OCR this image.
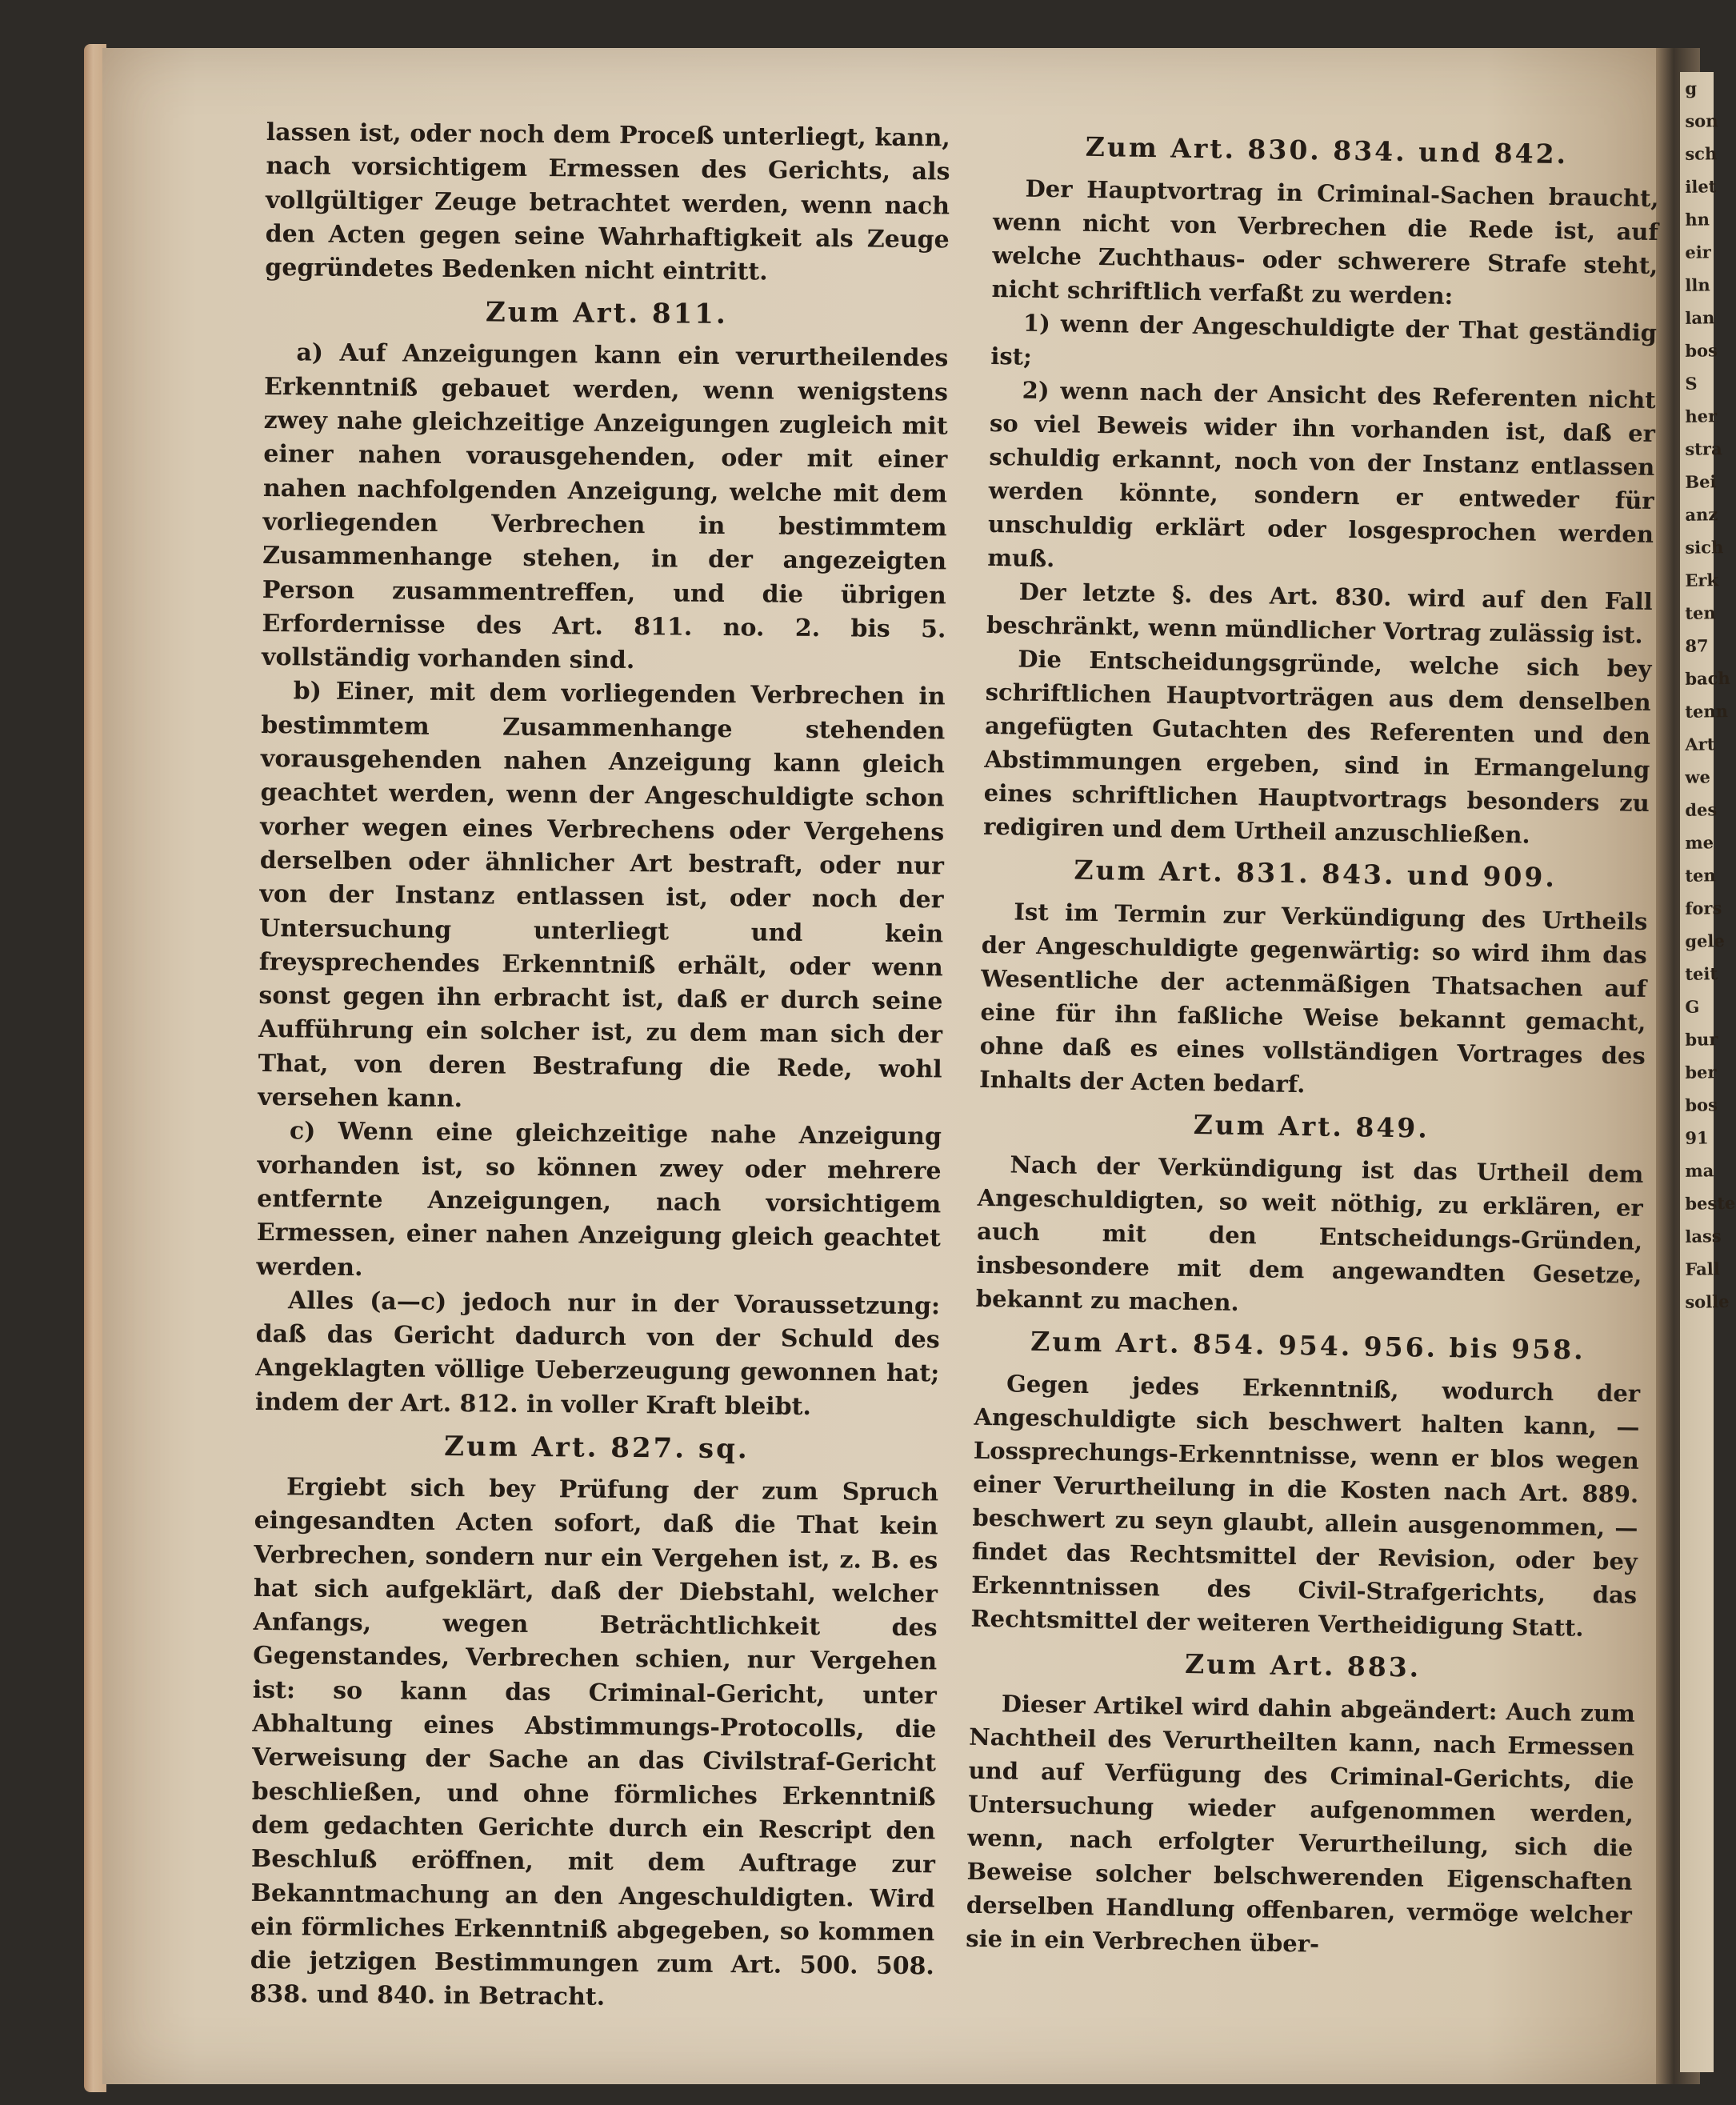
g
son
sch
ilet
hn
eir
lln
lan
bos
S
her
stra
Bei
anz
sich
Erk
ten
87
bach
tenn
Art
we
des
me
ten
fors
gele
teit
G
bur
ber
bos
91
ma
beste
lass
Fall
solle

lassen ist, oder noch dem Proceß unterliegt, kann, nach vorsichtigem Ermessen des Gerichts, als vollgültiger Zeuge betrachtet werden, wenn nach den Acten gegen seine Wahrhaftigkeit als Zeuge gegründetes Bedenken nicht eintritt.

Zum Art. 811.

a) Auf Anzeigungen kann ein verurtheilendes Erkenntniß gebauet werden, wenn wenigstens zwey nahe gleichzeitige Anzeigungen zugleich mit einer nahen vorausgehenden, oder mit einer nahen nachfolgenden Anzeigung, welche mit dem vorliegenden Verbrechen in bestimmtem Zusammenhange stehen, in der angezeigten Person zusammentreffen, und die übrigen Erfordernisse des Art. 811. no. 2. bis 5. vollständig vorhanden sind.

b) Einer, mit dem vorliegenden Verbrechen in bestimmtem Zusammenhange stehenden vorausgehenden nahen Anzeigung kann gleich geachtet werden, wenn der Angeschuldigte schon vorher wegen eines Verbrechens oder Vergehens derselben oder ähnlicher Art bestraft, oder nur von der Instanz entlassen ist, oder noch der Untersuchung unterliegt und kein freysprechendes Erkenntniß erhält, oder wenn sonst gegen ihn erbracht ist, daß er durch seine Aufführung ein solcher ist, zu dem man sich der That, von deren Bestrafung die Rede, wohl versehen kann.

c) Wenn eine gleichzeitige nahe Anzeigung vorhanden ist, so können zwey oder mehrere entfernte Anzeigungen, nach vorsichtigem Ermessen, einer nahen Anzeigung gleich geachtet werden.

Alles (a—c) jedoch nur in der Voraussetzung: daß das Gericht dadurch von der Schuld des Angeklagten völlige Ueberzeugung gewonnen hat; indem der Art. 812. in voller Kraft bleibt.

Zum Art. 827. sq.

Ergiebt sich bey Prüfung der zum Spruch eingesandten Acten sofort, daß die That kein Verbrechen, sondern nur ein Vergehen ist, z. B. es hat sich aufgeklärt, daß der Diebstahl, welcher Anfangs, wegen Beträchtlichkeit des Gegenstandes, Verbrechen schien, nur Vergehen ist: so kann das Criminal-Gericht, unter Abhaltung eines Abstimmungs-Protocolls, die Verweisung der Sache an das Civilstraf-Gericht beschließen, und ohne förmliches Erkenntniß dem gedachten Gerichte durch ein Rescript den Beschluß eröffnen, mit dem Auftrage zur Bekanntmachung an den Angeschuldigten. Wird ein förmliches Erkenntniß abgegeben, so kommen die jetzigen Bestimmungen zum Art. 500. 508. 838. und 840. in Betracht.

Zum Art. 830. 834. und 842.

Der Hauptvortrag in Criminal-Sachen braucht, wenn nicht von Verbrechen die Rede ist, auf welche Zuchthaus- oder schwerere Strafe steht, nicht schriftlich verfaßt zu werden:

1) wenn der Angeschuldigte der That geständig ist;

2) wenn nach der Ansicht des Referenten nicht so viel Beweis wider ihn vorhanden ist, daß er schuldig erkannt, noch von der Instanz entlassen werden könnte, sondern er entweder für unschuldig erklärt oder losgesprochen werden muß.

Der letzte §. des Art. 830. wird auf den Fall beschränkt, wenn mündlicher Vortrag zulässig ist.

Die Entscheidungsgründe, welche sich bey schriftlichen Hauptvorträgen aus dem denselben angefügten Gutachten des Referenten und den Abstimmungen ergeben, sind in Ermangelung eines schriftlichen Hauptvortrags besonders zu redigiren und dem Urtheil anzuschließen.

Zum Art. 831. 843. und 909.

Ist im Termin zur Verkündigung des Urtheils der Angeschuldigte gegenwärtig: so wird ihm das Wesentliche der actenmäßigen Thatsachen auf eine für ihn faßliche Weise bekannt gemacht, ohne daß es eines vollständigen Vortrages des Inhalts der Acten bedarf.

Zum Art. 849.

Nach der Verkündigung ist das Urtheil dem Angeschuldigten, so weit nöthig, zu erklären, er auch mit den Entscheidungs-Gründen, insbesondere mit dem angewandten Gesetze, bekannt zu machen.

Zum Art. 854. 954. 956. bis 958.

Gegen jedes Erkenntniß, wodurch der Angeschuldigte sich beschwert halten kann, — Lossprechungs-Erkenntnisse, wenn er blos wegen einer Verurtheilung in die Kosten nach Art. 889. beschwert zu seyn glaubt, allein ausgenommen, — findet das Rechtsmittel der Revision, oder bey Erkenntnissen des Civil-Strafgerichts, das Rechtsmittel der weiteren Vertheidigung Statt.

Zum Art. 883.

Dieser Artikel wird dahin abgeändert: Auch zum Nachtheil des Verurtheilten kann, nach Ermessen und auf Verfügung des Criminal-Gerichts, die Untersuchung wieder aufgenommen werden, wenn, nach erfolgter Verurtheilung, sich die Beweise solcher belschwerenden Eigenschaften derselben Handlung offenbaren, vermöge welcher sie in ein Verbrechen über-
